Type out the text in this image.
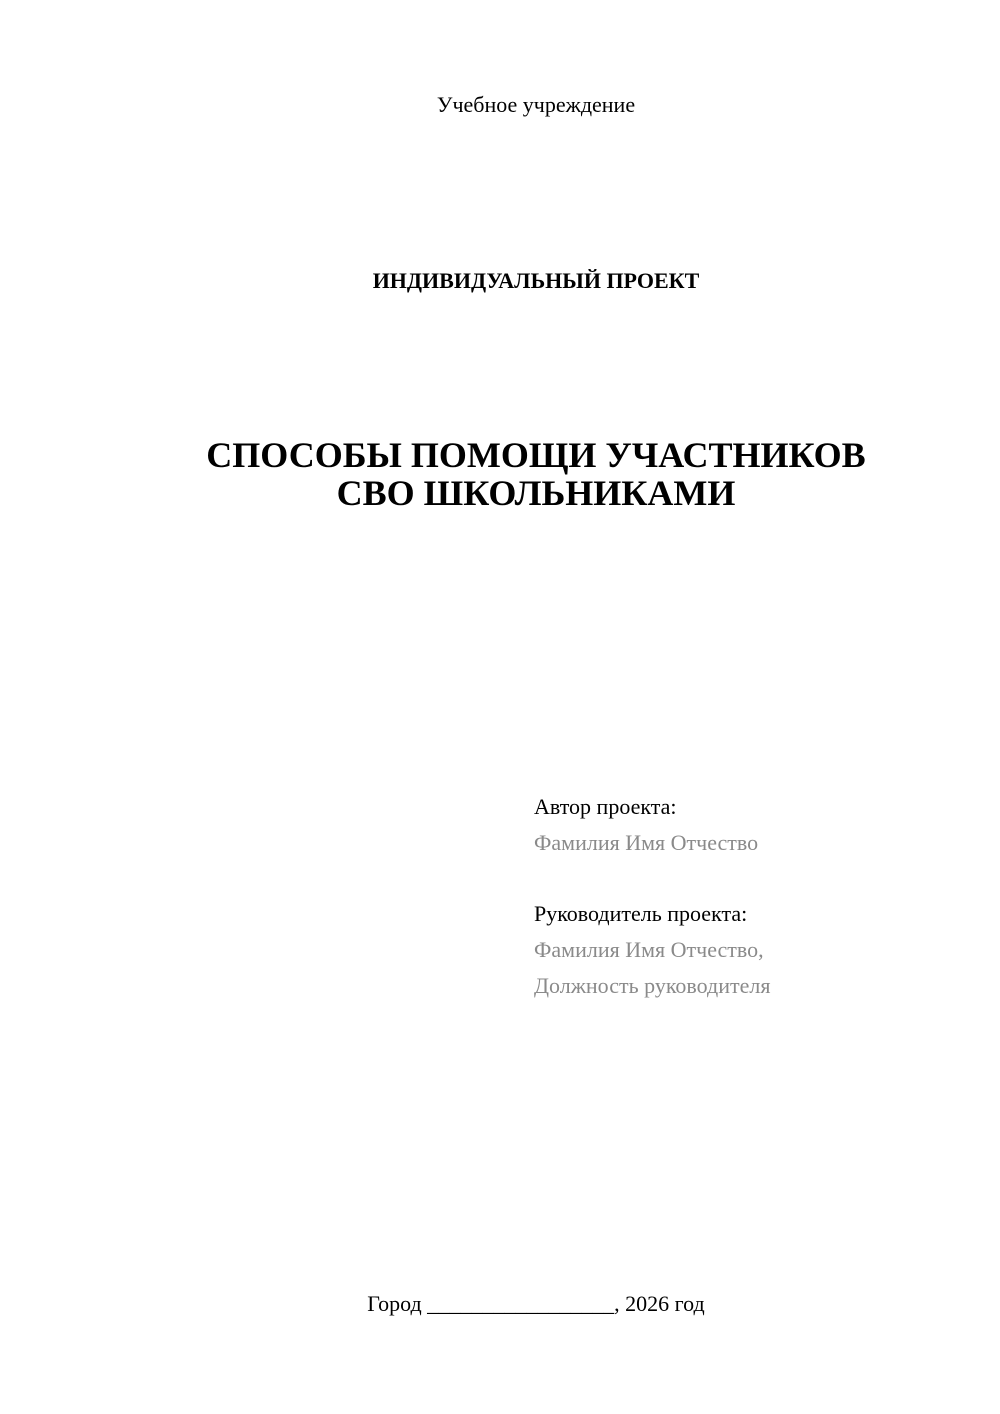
Учебное учреждение
ИНДИВИДУАЛЬНЫЙ ПРОЕКТ
СПОСОБЫ ПОМОЩИ УЧАСТНИКОВ
СВО ШКОЛЬНИКАМИ
Автор проекта:
Фамилия Имя Отчество
Руководитель проекта:
Фамилия Имя Отчество,
Должность руководителя
Город _________________, 2026 год
